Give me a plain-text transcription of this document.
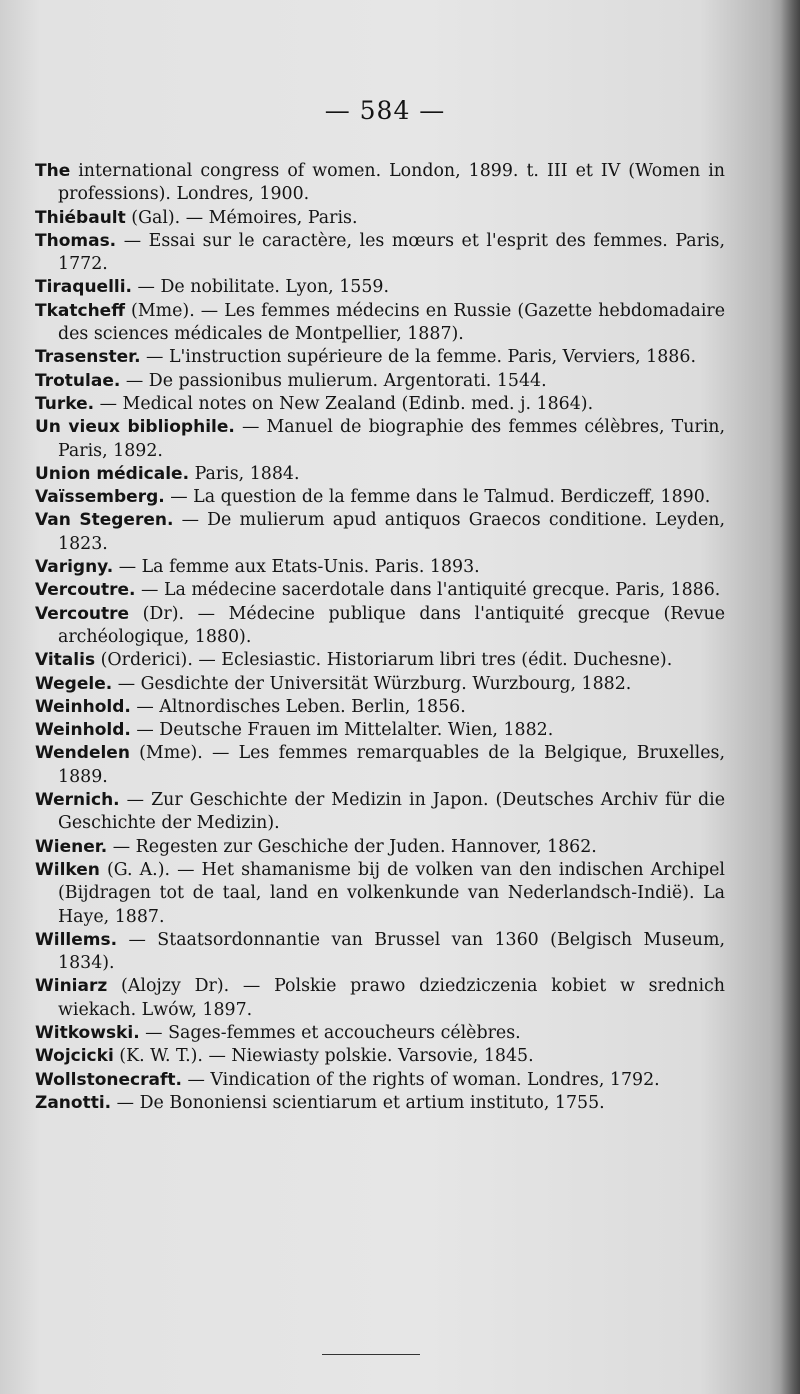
— 584 —

The international congress of women. London, 1899. t. III et IV (Women in professions). Londres, 1900.

Thiébault (Gal). — Mémoires, Paris.

Thomas. — Essai sur le caractère, les mœurs et l'esprit des femmes. Paris, 1772.

Tiraquelli. — De nobilitate. Lyon, 1559.

Tkatcheff (Mme). — Les femmes médecins en Russie (Gazette hebdomadaire des sciences médicales de Montpellier, 1887).

Trasenster. — L'instruction supérieure de la femme. Paris, Verviers, 1886.

Trotulae. — De passionibus mulierum. Argentorati. 1544.

Turke. — Medical notes on New Zealand (Edinb. med. j. 1864).

Un vieux bibliophile. — Manuel de biographie des femmes célèbres, Turin, Paris, 1892.

Union médicale. Paris, 1884.

Vaïssemberg. — La question de la femme dans le Talmud. Berdiczeff, 1890.

Van Stegeren. — De mulierum apud antiquos Graecos conditione. Leyden, 1823.

Varigny. — La femme aux Etats-Unis. Paris. 1893.

Vercoutre. — La médecine sacerdotale dans l'antiquité grecque. Paris, 1886.

Vercoutre (Dr). — Médecine publique dans l'antiquité grecque (Revue archéologique, 1880).

Vitalis (Orderici). — Eclesiastic. Historiarum libri tres (édit. Duchesne).

Wegele. — Gesdichte der Universität Würzburg. Wurzbourg, 1882.

Weinhold. — Altnordisches Leben. Berlin, 1856.

Weinhold. — Deutsche Frauen im Mittelalter. Wien, 1882.

Wendelen (Mme). — Les femmes remarquables de la Belgique, Bruxelles, 1889.

Wernich. — Zur Geschichte der Medizin in Japon. (Deutsches Archiv für die Geschichte der Medizin).

Wiener. — Regesten zur Geschiche der Juden. Hannover, 1862.

Wilken (G. A.). — Het shamanisme bij de volken van den indischen Archipel (Bijdragen tot de taal, land en volkenkunde van Nederlandsch-Indië). La Haye, 1887.

Willems. — Staatsordonnantie van Brussel van 1360 (Belgisch Museum, 1834).

Winiarz (Alojzy Dr). — Polskie prawo dziedziczenia kobiet w srednich wiekach. Lwów, 1897.

Witkowski. — Sages-femmes et accoucheurs célèbres.

Wojcicki (K. W. T.). — Niewiasty polskie. Varsovie, 1845.

Wollstonecraft. — Vindication of the rights of woman. Londres, 1792.

Zanotti. — De Bononiensi scientiarum et artium instituto, 1755.
